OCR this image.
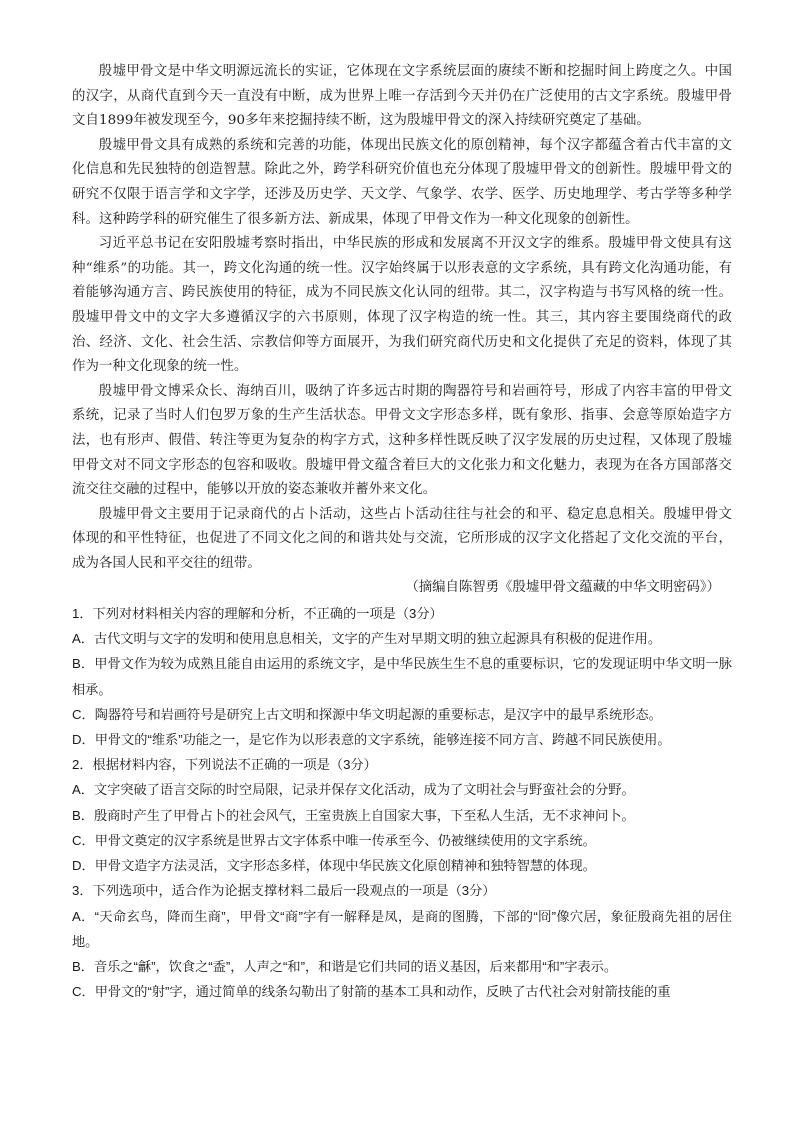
殷墟甲骨文是中华文明源远流长的实证，它体现在文字系统层面的赓续不断和挖掘时间上跨度之久。中国的汉字，从商代直到今天一直没有中断，成为世界上唯一存活到今天并仍在广泛使用的古文字系统。殷墟甲骨文自1899年被发现至今，90多年来挖掘持续不断，这为殷墟甲骨文的深入持续研究奠定了基础。

殷墟甲骨文具有成熟的系统和完善的功能，体现出民族文化的原创精神，每个汉字都蕴含着古代丰富的文化信息和先民独特的创造智慧。除此之外，跨学科研究价值也充分体现了殷墟甲骨文的创新性。殷墟甲骨文的研究不仅限于语言学和文字学，还涉及历史学、天文学、气象学、农学、医学、历史地理学、考古学等多种学科。这种跨学科的研究催生了很多新方法、新成果，体现了甲骨文作为一种文化现象的创新性。

习近平总书记在安阳殷墟考察时指出，中华民族的形成和发展离不开汉文字的维系。殷墟甲骨文使具有这种“维系”的功能。其一，跨文化沟通的统一性。汉字始终属于以形表意的文字系统，具有跨文化沟通功能，有着能够沟通方言、跨民族使用的特征，成为不同民族文化认同的纽带。其二，汉字构造与书写风格的统一性。殷墟甲骨文中的文字大多遵循汉字的六书原则，体现了汉字构造的统一性。其三，其内容主要围绕商代的政治、经济、文化、社会生活、宗教信仰等方面展开，为我们研究商代历史和文化提供了充足的资料，体现了其作为一种文化现象的统一性。

殷墟甲骨文博采众长、海纳百川，吸纳了许多远古时期的陶器符号和岩画符号，形成了内容丰富的甲骨文系统，记录了当时人们包罗万象的生产生活状态。甲骨文文字形态多样，既有象形、指事、会意等原始造字方法，也有形声、假借、转注等更为复杂的构字方式，这种多样性既反映了汉字发展的历史过程，又体现了殷墟甲骨文对不同文字形态的包容和吸收。殷墟甲骨文蕴含着巨大的文化张力和文化魅力，表现为在各方国部落交流交往交融的过程中，能够以开放的姿态兼收并蓄外来文化。

殷墟甲骨文主要用于记录商代的占卜活动，这些占卜活动往往与社会的和平、稳定息息相关。殷墟甲骨文体现的和平性特征，也促进了不同文化之间的和谐共处与交流，它所形成的汉字文化搭起了文化交流的平台，成为各国人民和平交往的纽带。

（摘编自陈智勇《殷墟甲骨文蕴藏的中华文明密码》）

1．下列对材料相关内容的理解和分析，不正确的一项是（3分）

A．古代文明与文字的发明和使用息息相关，文字的产生对早期文明的独立起源具有积极的促进作用。

B．甲骨文作为较为成熟且能自由运用的系统文字，是中华民族生生不息的重要标识，它的发现证明中华文明一脉相承。

C．陶器符号和岩画符号是研究上古文明和探源中华文明起源的重要标志，是汉字中的最早系统形态。

D．甲骨文的“维系”功能之一，是它作为以形表意的文字系统，能够连接不同方言、跨越不同民族使用。

2．根据材料内容，下列说法不正确的一项是（3分）

A．文字突破了语言交际的时空局限，记录并保存文化活动，成为了文明社会与野蛮社会的分野。

B．殷商时产生了甲骨占卜的社会风气，王室贵族上自国家大事，下至私人生活，无不求神问卜。

C．甲骨文奠定的汉字系统是世界古文字体系中唯一传承至今、仍被继续使用的文字系统。

D．甲骨文造字方法灵活，文字形态多样，体现中华民族文化原创精神和独特智慧的体现。

3．下列选项中，适合作为论据支撑材料二最后一段观点的一项是（3分）

A．“天命玄鸟，降而生商”，甲骨文“商”字有一解释是凤，是商的图腾，下部的“冏”像穴居，象征殷商先祖的居住地。

B．音乐之“龢”，饮食之“盉”，人声之“和”，和谐是它们共同的语义基因，后来都用“和”字表示。

C．甲骨文的“射”字，通过简单的线条勾勒出了射箭的基本工具和动作，反映了古代社会对射箭技能的重
